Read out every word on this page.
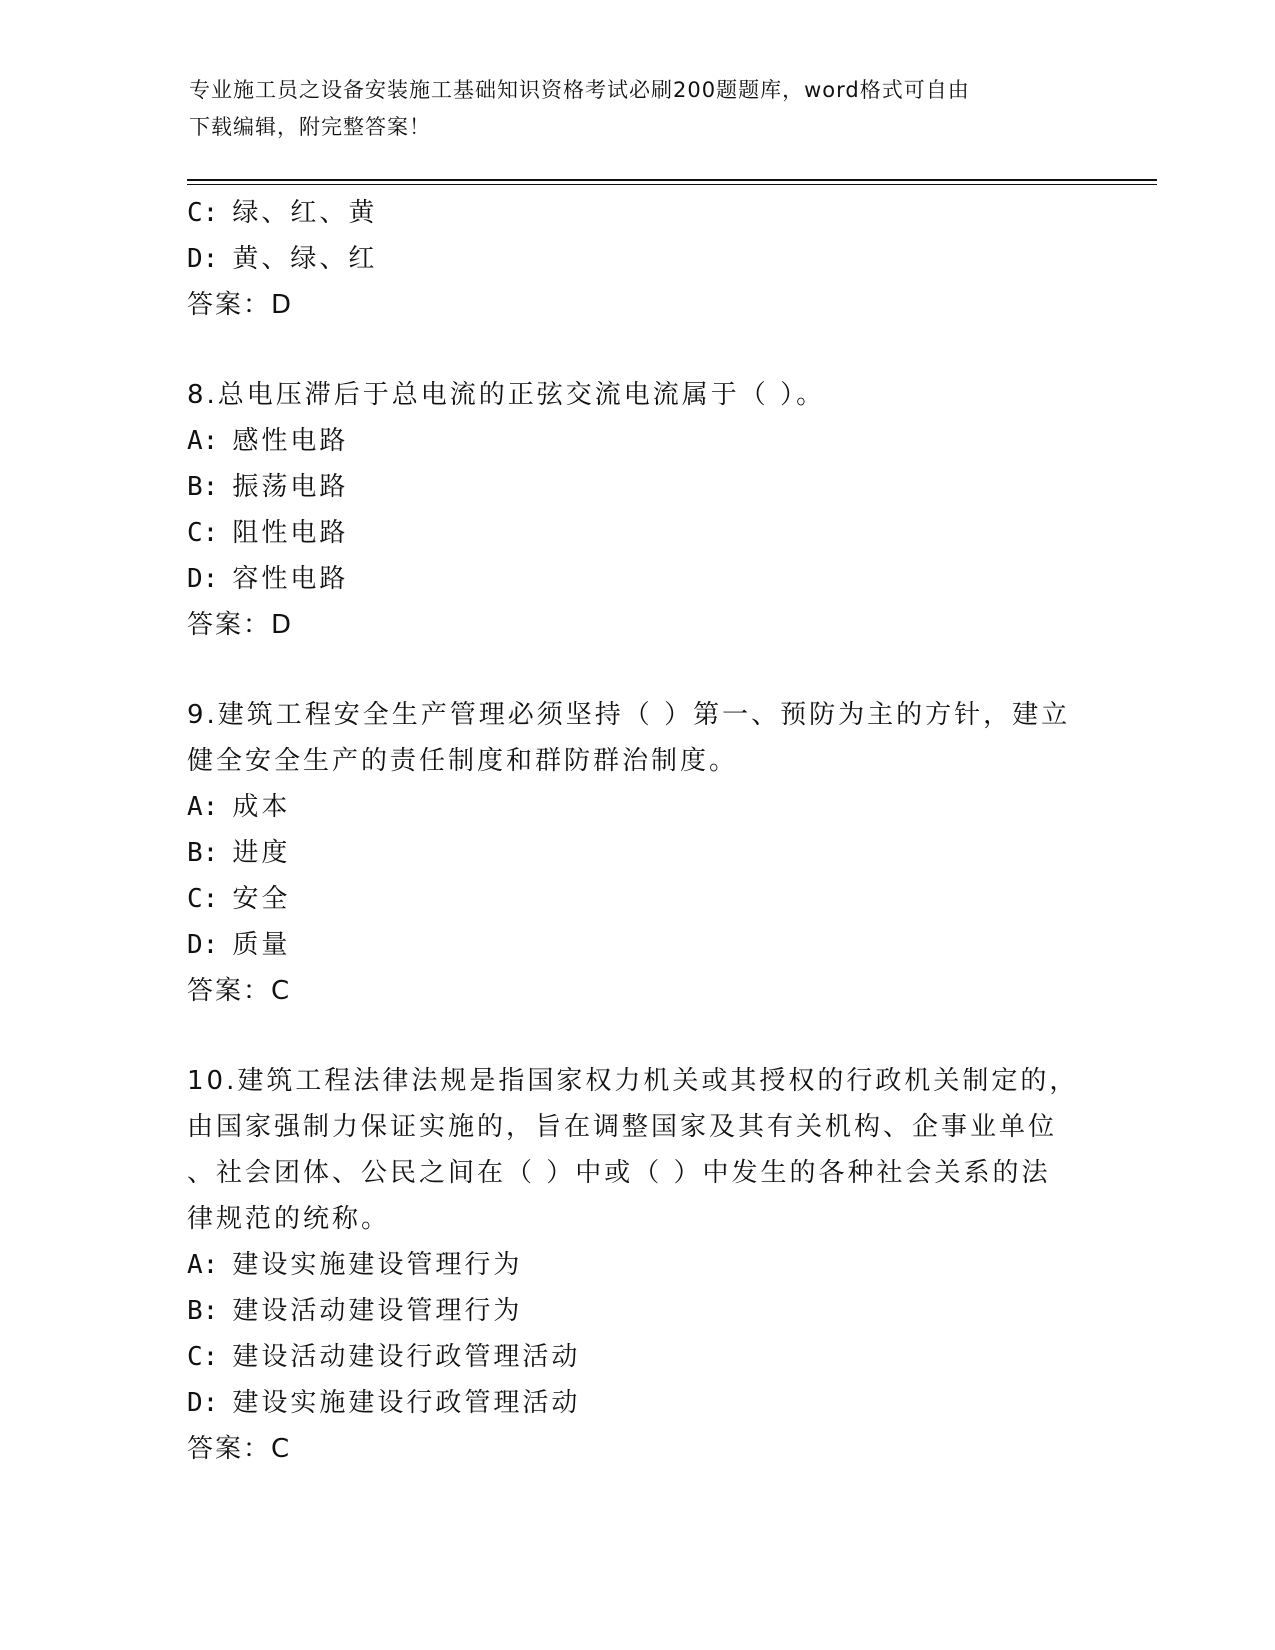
专业施工员之设备安装施工基础知识资格考试必刷200题题库，word格式可自由
下载编辑，附完整答案！
C: 绿、红、黄
D: 黄、绿、红
答案：D
8.总电压滞后于总电流的正弦交流电流属于（ ）。
A: 感性电路
B: 振荡电路
C: 阻性电路
D: 容性电路
答案：D
9.建筑工程安全生产管理必须坚持（ ）第一、预防为主的方针，建立
健全安全生产的责任制度和群防群治制度。
A: 成本
B: 进度
C: 安全
D: 质量
答案：C
10.建筑工程法律法规是指国家权力机关或其授权的行政机关制定的，
由国家强制力保证实施的，旨在调整国家及其有关机构、企事业单位
、社会团体、公民之间在（ ）中或（ ）中发生的各种社会关系的法
律规范的统称。
A: 建设实施建设管理行为
B: 建设活动建设管理行为
C: 建设活动建设行政管理活动
D: 建设实施建设行政管理活动
答案：C
